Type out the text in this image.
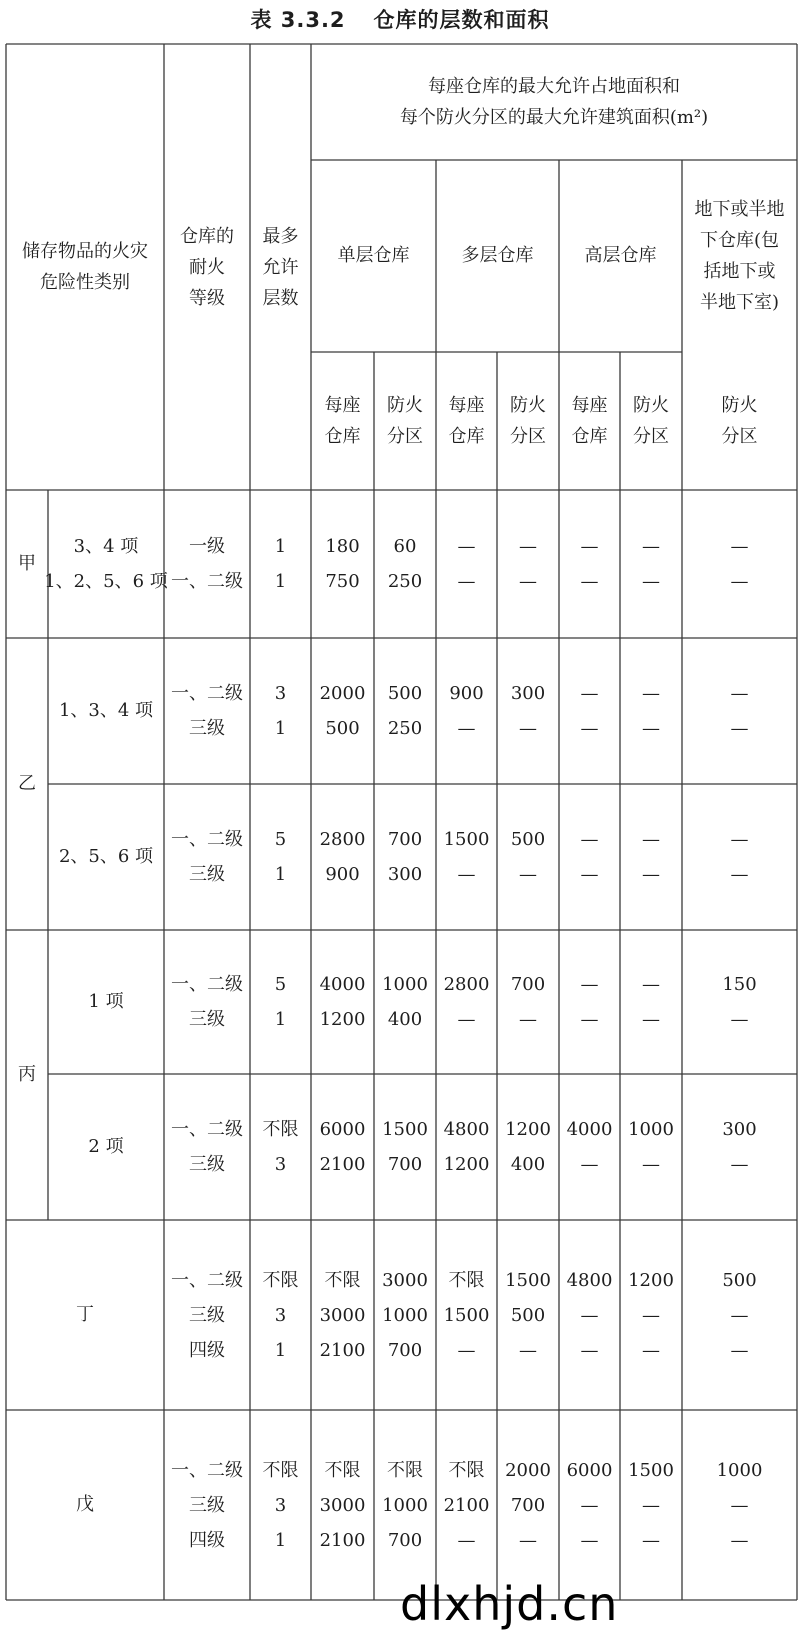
表 3.3.2 仓库的层数和面积
储存物品的火灾
危险性类别
仓库的
耐火
等级
最多
允许
层数
每座仓库的最大允许占地面积和
每个防火分区的最大允许建筑面积(m²)
单层仓库	多层仓库	高层仓库
地下或半地
下仓库(包
括地下或
半地下室)
每座
仓库
防火
分区
每座
仓库
防火
分区
每座
仓库
防火
分区
防火
分区
甲
乙
丙
丁
戊
3、4 项
1、2、5、6 项
一级
一、二级
1
1
180
750
60
250
—
—
—
—
—
—
—
—
—
—
1、3、4 项
一、二级
三级
3
1
2000
500
500
250
900
—
300
—
—
—
—
—
—
—
2、5、6 项
一、二级
三级
5
1
2800
900
700
300
1500
—
500
—
—
—
—
—
—
—
1 项
一、二级
三级
5
1
4000
1200
1000
400
2800
—
700
—
—
—
—
—
150
—
2 项
一、二级
三级
不限
3
6000
2100
1500
700
4800
1200
1200
400
4000
—
1000
—
300
—
一、二级
三级
四级
不限
3
1
不限
3000
2100
3000
1000
700
不限
1500
—
1500
500
—
4800
—
—
1200
—
—
500
—
—
一、二级
三级
四级
不限
3
1
不限
3000
2100
不限
1000
700
不限
2100
—
2000
700
—
6000
—
—
1500
—
—
1000
—
—
dlxhjd.cn
